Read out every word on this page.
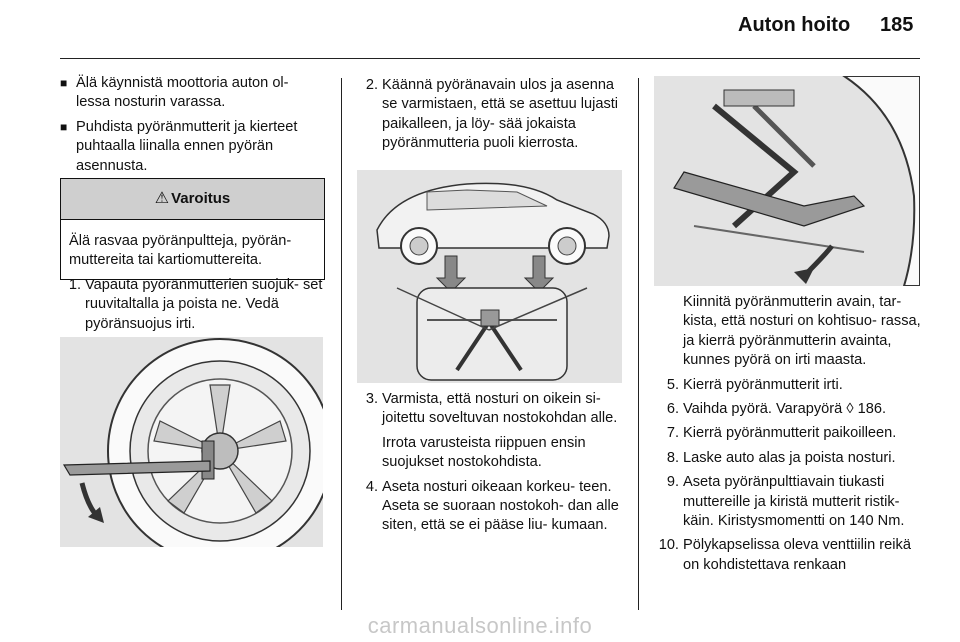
Auton hoito 185
■ Älä käynnistä moottoria auton ol- lessa nosturin varassa.
■ Puhdista pyöränmutterit ja kierteet puhtaalla liinalla ennen pyörän asennusta.
⚠ Varoitus
Älä rasvaa pyöränpultteja, pyörän- muttereita tai kartiomuttereita.
1. Vapauta pyöränmutterien suojuk- set ruuvitaltalla ja poista ne. Vedä pyöränsuojus irti.
2. Käännä pyöränavain ulos ja asenna se varmistaen, että se asettuu lujasti paikalleen, ja löy- sää jokaista pyöränmutteria puoli kierrosta.
3. Varmista, että nosturi on oikein si- joitettu soveltuvan nostokohdan alle.
Irrota varusteista riippuen ensin suojukset nostokohdista.
4. Aseta nosturi oikeaan korkeu- teen. Aseta se suoraan nostokoh- dan alle siten, että se ei pääse liu- kumaan.
Kiinnitä pyöränmutterin avain, tar- kista, että nosturi on kohtisuo- rassa, ja kierrä pyöränmutterin avainta, kunnes pyörä on irti maasta.
5. Kierrä pyöränmutterit irti.
6. Vaihda pyörä. Varapyörä ◊ 186.
7. Kierrä pyöränmutterit paikoilleen.
8. Laske auto alas ja poista nosturi.
9. Aseta pyöränpulttiavain tiukasti muttereille ja kiristä mutterit ristik- käin. Kiristysmomentti on 140 Nm.
10. Pölykapselissa oleva venttiilin reikä on kohdistettava renkaan
carmanualsonline.info
